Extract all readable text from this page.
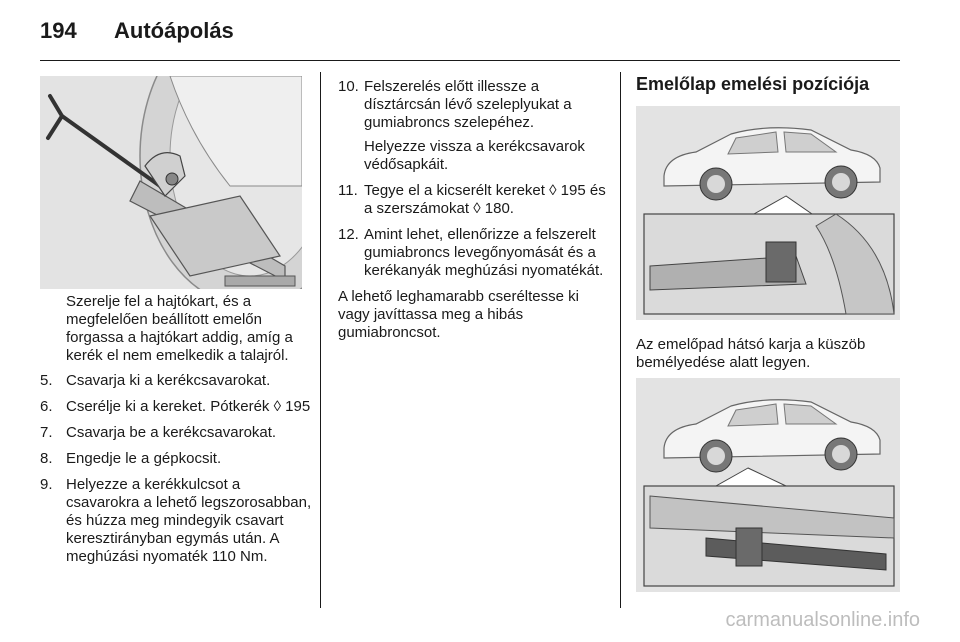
194 Autóápolás

Szerelje fel a hajtókart, és a megfelelően beállított emelőn forgassa a hajtókart addig, amíg a kerék el nem emelkedik a talajról.

5. Csavarja ki a kerékcsavarokat.
6. Cserélje ki a kereket. Pótkerék ◊ 195
7. Csavarja be a kerékcsavarokat.
8. Engedje le a gépkocsit.
9. Helyezze a kerékkulcsot a csavarokra a lehető legszorosabban, és húzza meg mindegyik csavart keresztirányban egymás után. A meghúzási nyomaték 110 Nm.
10. Felszerelés előtt illessze a dísztárcsán lévő szeleplyukat a gumiabroncs szelepéhez.
Helyezze vissza a kerékcsavarok védősapkáit.
11. Tegye el a kicserélt kereket ◊ 195 és a szerszámokat ◊ 180.
12. Amint lehet, ellenőrizze a felszerelt gumiabroncs levegőnyomását és a kerékanyák meghúzási nyomatékát.

A lehető leghamarabb cseréltesse ki vagy javíttassa meg a hibás gumiabroncsot.

Emelőlap emelési pozíciója
Az emelőpad hátsó karja a küszöb bemélyedése alatt legyen.
carmanualsonline.info
